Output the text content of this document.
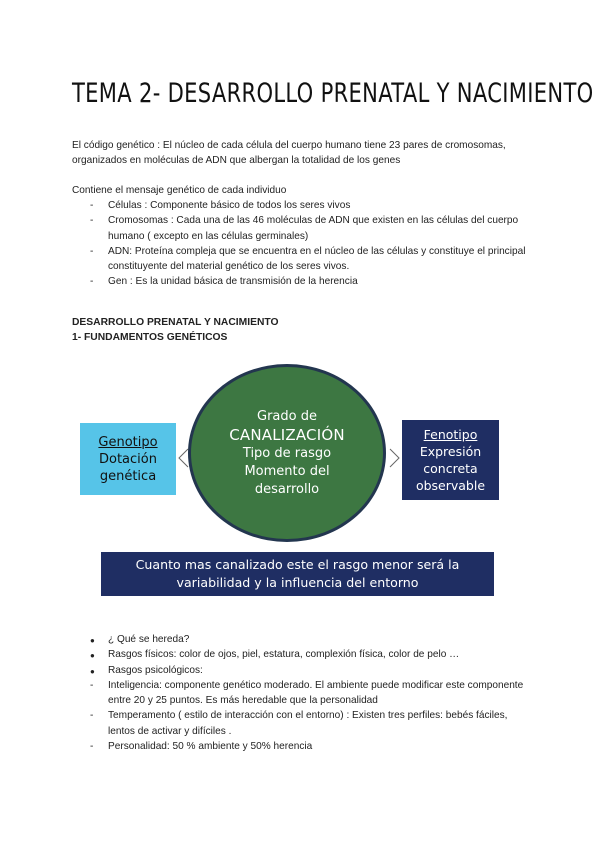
TEMA 2- DESARROLLO PRENATAL Y NACIMIENTO

El código genético : El núcleo de cada célula del cuerpo humano tiene 23 pares de cromosomas, organizados en moléculas de ADN que albergan la totalidad de los genes

Contiene el mensaje genético de cada individuo

- Células : Componente básico de todos los seres vivos
- Cromosomas : Cada una de las 46 moléculas de ADN que existen en las células del cuerpo humano ( excepto en las células germinales)
- ADN: Proteína compleja que se encuentra en el núcleo de las células y constituye el principal constituyente del material genético de los seres vivos.
- Gen : Es la unidad básica de transmisión de la herencia
DESARROLLO PRENATAL Y NACIMIENTO
1- FUNDAMENTOS GENÉTICOS
Genotipo
Dotación
genética
Grado de
CANALIZACIÓN
Tipo de rasgo
Momento del
desarrollo
Fenotipo
Expresión
concreta
observable
Cuanto mas canalizado este el rasgo menor será la
variabilidad y la influencia del entorno
● ¿ Qué se hereda?
● Rasgos físicos: color de ojos, piel, estatura, complexión física, color de pelo …
● Rasgos psicológicos:
- Inteligencia: componente genético moderado. El ambiente puede modificar este componente entre 20 y 25 puntos. Es más heredable que la personalidad
- Temperamento ( estilo de interacción con el entorno) : Existen tres perfiles: bebés fáciles, lentos de activar y difíciles .
- Personalidad: 50 % ambiente y 50% herencia
